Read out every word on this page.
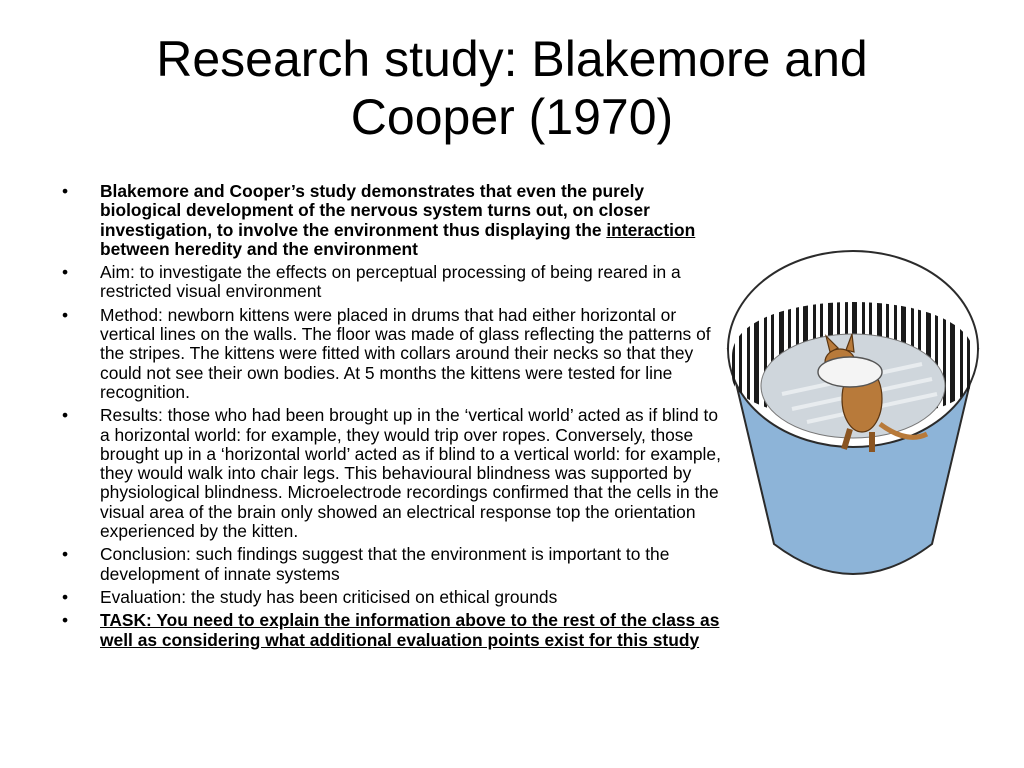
Research study: Blakemore and
Cooper (1970)
• Blakemore and Cooper’s study demonstrates that even the purely biological development of the nervous system turns out, on closer investigation, to involve the environment thus displaying the interaction between heredity and the environment
• Aim: to investigate the effects on perceptual processing of being reared in a restricted visual environment
• Method: newborn kittens were placed in drums that had either horizontal or vertical lines on the walls. The floor was made of glass reflecting the patterns of the stripes. The kittens were fitted with collars around their necks so that they could not see their own bodies. At 5 months the kittens were tested for line recognition.
• Results: those who had been brought up in the ‘vertical world’ acted as if blind to a horizontal world: for example, they would trip over ropes. Conversely, those brought up in a ‘horizontal world’ acted as if blind to a vertical world: for example, they would walk into chair legs. This behavioural blindness was supported by physiological blindness. Microelectrode recordings confirmed that the cells in the visual area of the brain only showed an electrical response top the orientation experienced by the kitten.
• Conclusion: such findings suggest that the environment is important to the development of innate systems
• Evaluation: the study has been criticised on ethical grounds
• TASK: You need to explain the information above to the rest of the class as well as considering what additional evaluation points exist for this study
